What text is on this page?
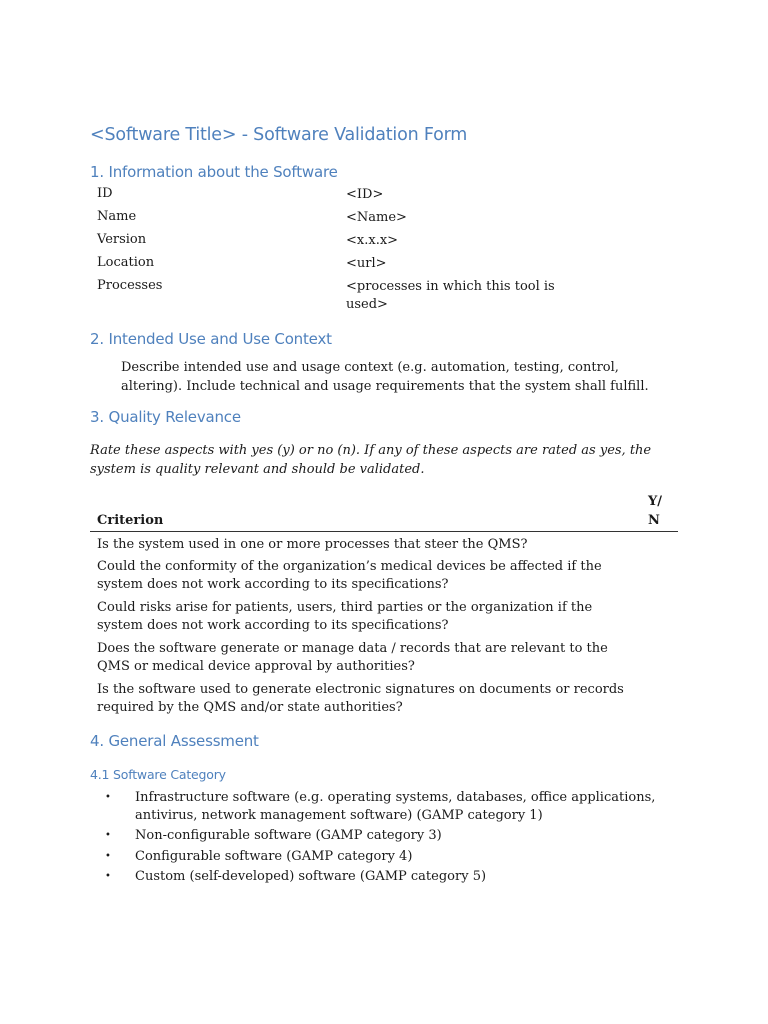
<Software Title> - Software Validation Form
1. Information about the Software
ID	<ID>
Name	<Name>
Version	<x.x.x>
Location	<url>
Processes	<processes in which this tool is used>
2. Intended Use and Use Context
Describe intended use and usage context (e.g. automation, testing, control, altering). Include technical and usage requirements that the system shall fulfill.
3. Quality Relevance
Rate these aspects with yes (y) or no (n). If any of these aspects are rated as yes, the system is quality relevant and should be validated.
Criterion
Y/ N
Is the system used in one or more processes that steer the QMS?
Could the conformity of the organization’s medical devices be affected if the system does not work according to its specifications?
Could risks arise for patients, users, third parties or the organization if the system does not work according to its specifications?
Does the software generate or manage data / records that are relevant to the QMS or medical device approval by authorities?
Is the software used to generate electronic signatures on documents or records required by the QMS and/or state authorities?
4. General Assessment
4.1 Software Category
• Infrastructure software (e.g. operating systems, databases, office applications, antivirus, network management software) (GAMP category 1)
• Non-configurable software (GAMP category 3)
• Configurable software (GAMP category 4)
• Custom (self-developed) software (GAMP category 5)
